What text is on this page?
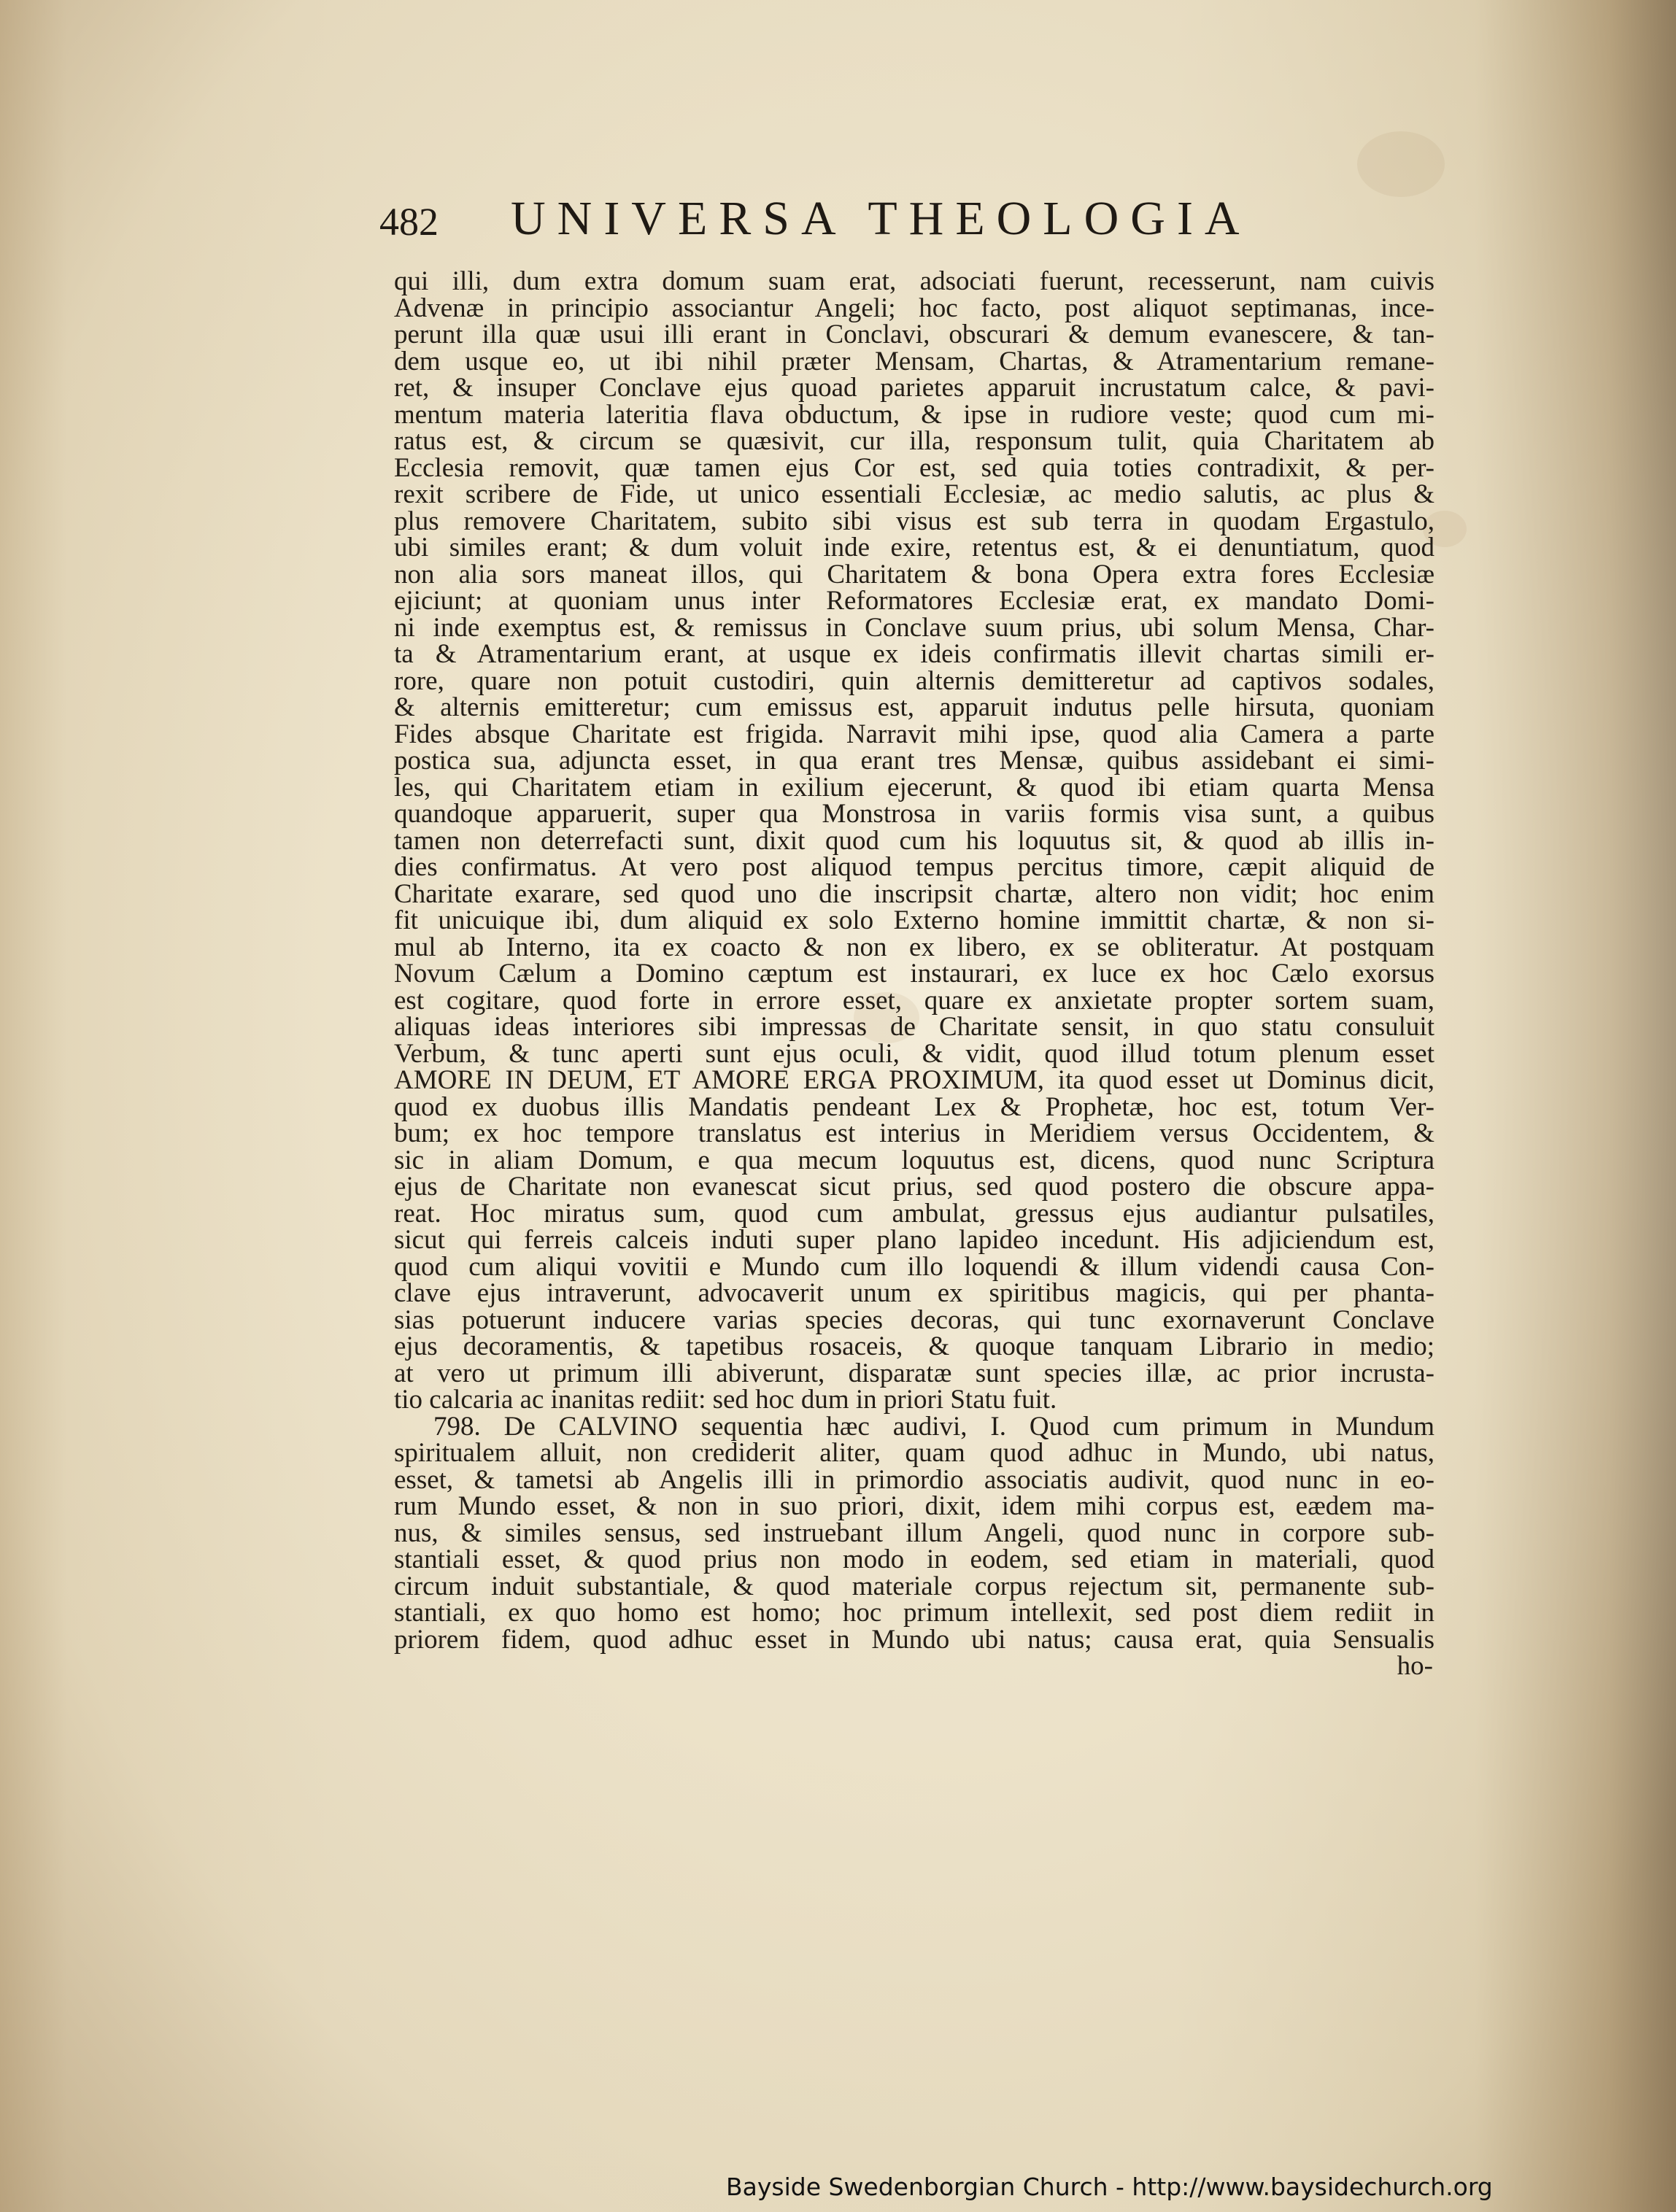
482 UNIVERSA THEOLOGIA
qui illi, dum extra domum suam erat, adsociati fuerunt, recesserunt, nam cuivis
Advenæ in principio associantur Angeli; hoc facto, post aliquot septimanas, ince-
perunt illa quæ usui illi erant in Conclavi, obscurari & demum evanescere, & tan-
dem usque eo, ut ibi nihil præter Mensam, Chartas, & Atramentarium remane-
ret, & insuper Conclave ejus quoad parietes apparuit incrustatum calce, & pavi-
mentum materia lateritia flava obductum, & ipse in rudiore veste; quod cum mi-
ratus est, & circum se quæsivit, cur illa, responsum tulit, quia Charitatem ab
Ecclesia removit, quæ tamen ejus Cor est, sed quia toties contradixit, & per-
rexit scribere de Fide, ut unico essentiali Ecclesiæ, ac medio salutis, ac plus &
plus removere Charitatem, subito sibi visus est sub terra in quodam Ergastulo,
ubi similes erant; & dum voluit inde exire, retentus est, & ei denuntiatum, quod
non alia sors maneat illos, qui Charitatem & bona Opera extra fores Ecclesiæ
ejiciunt; at quoniam unus inter Reformatores Ecclesiæ erat, ex mandato Domi-
ni inde exemptus est, & remissus in Conclave suum prius, ubi solum Mensa, Char-
ta & Atramentarium erant, at usque ex ideis confirmatis illevit chartas simili er-
rore, quare non potuit custodiri, quin alternis demitteretur ad captivos sodales,
& alternis emitteretur; cum emissus est, apparuit indutus pelle hirsuta, quoniam
Fides absque Charitate est frigida. Narravit mihi ipse, quod alia Camera a parte
postica sua, adjuncta esset, in qua erant tres Mensæ, quibus assidebant ei simi-
les, qui Charitatem etiam in exilium ejecerunt, & quod ibi etiam quarta Mensa
quandoque apparuerit, super qua Monstrosa in variis formis visa sunt, a quibus
tamen non deterrefacti sunt, dixit quod cum his loquutus sit, & quod ab illis in-
dies confirmatus. At vero post aliquod tempus percitus timore, cæpit aliquid de
Charitate exarare, sed quod uno die inscripsit chartæ, altero non vidit; hoc enim
fit unicuique ibi, dum aliquid ex solo Externo homine immittit chartæ, & non si-
mul ab Interno, ita ex coacto & non ex libero, ex se obliteratur. At postquam
Novum Cælum a Domino cæptum est instaurari, ex luce ex hoc Cælo exorsus
est cogitare, quod forte in errore esset, quare ex anxietate propter sortem suam,
aliquas ideas interiores sibi impressas de Charitate sensit, in quo statu consuluit
Verbum, & tunc aperti sunt ejus oculi, & vidit, quod illud totum plenum esset
AMORE IN DEUM, ET AMORE ERGA PROXIMUM, ita quod esset ut Dominus dicit,
quod ex duobus illis Mandatis pendeant Lex & Prophetæ, hoc est, totum Ver-
bum; ex hoc tempore translatus est interius in Meridiem versus Occidentem, &
sic in aliam Domum, e qua mecum loquutus est, dicens, quod nunc Scriptura
ejus de Charitate non evanescat sicut prius, sed quod postero die obscure appa-
reat. Hoc miratus sum, quod cum ambulat, gressus ejus audiantur pulsatiles,
sicut qui ferreis calceis induti super plano lapideo incedunt. His adjiciendum est,
quod cum aliqui vovitii e Mundo cum illo loquendi & illum videndi causa Con-
clave ejus intraverunt, advocaverit unum ex spiritibus magicis, qui per phanta-
sias potuerunt inducere varias species decoras, qui tunc exornaverunt Conclave
ejus decoramentis, & tapetibus rosaceis, & quoque tanquam Librario in medio;
at vero ut primum illi abiverunt, disparatæ sunt species illæ, ac prior incrusta-
tio calcaria ac inanitas rediit: sed hoc dum in priori Statu fuit.
798. De CALVINO sequentia hæc audivi, I. Quod cum primum in Mundum
spiritualem alluit, non crediderit aliter, quam quod adhuc in Mundo, ubi natus,
esset, & tametsi ab Angelis illi in primordio associatis audivit, quod nunc in eo-
rum Mundo esset, & non in suo priori, dixit, idem mihi corpus est, eædem ma-
nus, & similes sensus, sed instruebant illum Angeli, quod nunc in corpore sub-
stantiali esset, & quod prius non modo in eodem, sed etiam in materiali, quod
circum induit substantiale, & quod materiale corpus rejectum sit, permanente sub-
stantiali, ex quo homo est homo; hoc primum intellexit, sed post diem rediit in
priorem fidem, quod adhuc esset in Mundo ubi natus; causa erat, quia Sensualis
ho-
Bayside Swedenborgian Church - http://www.baysidechurch.org
